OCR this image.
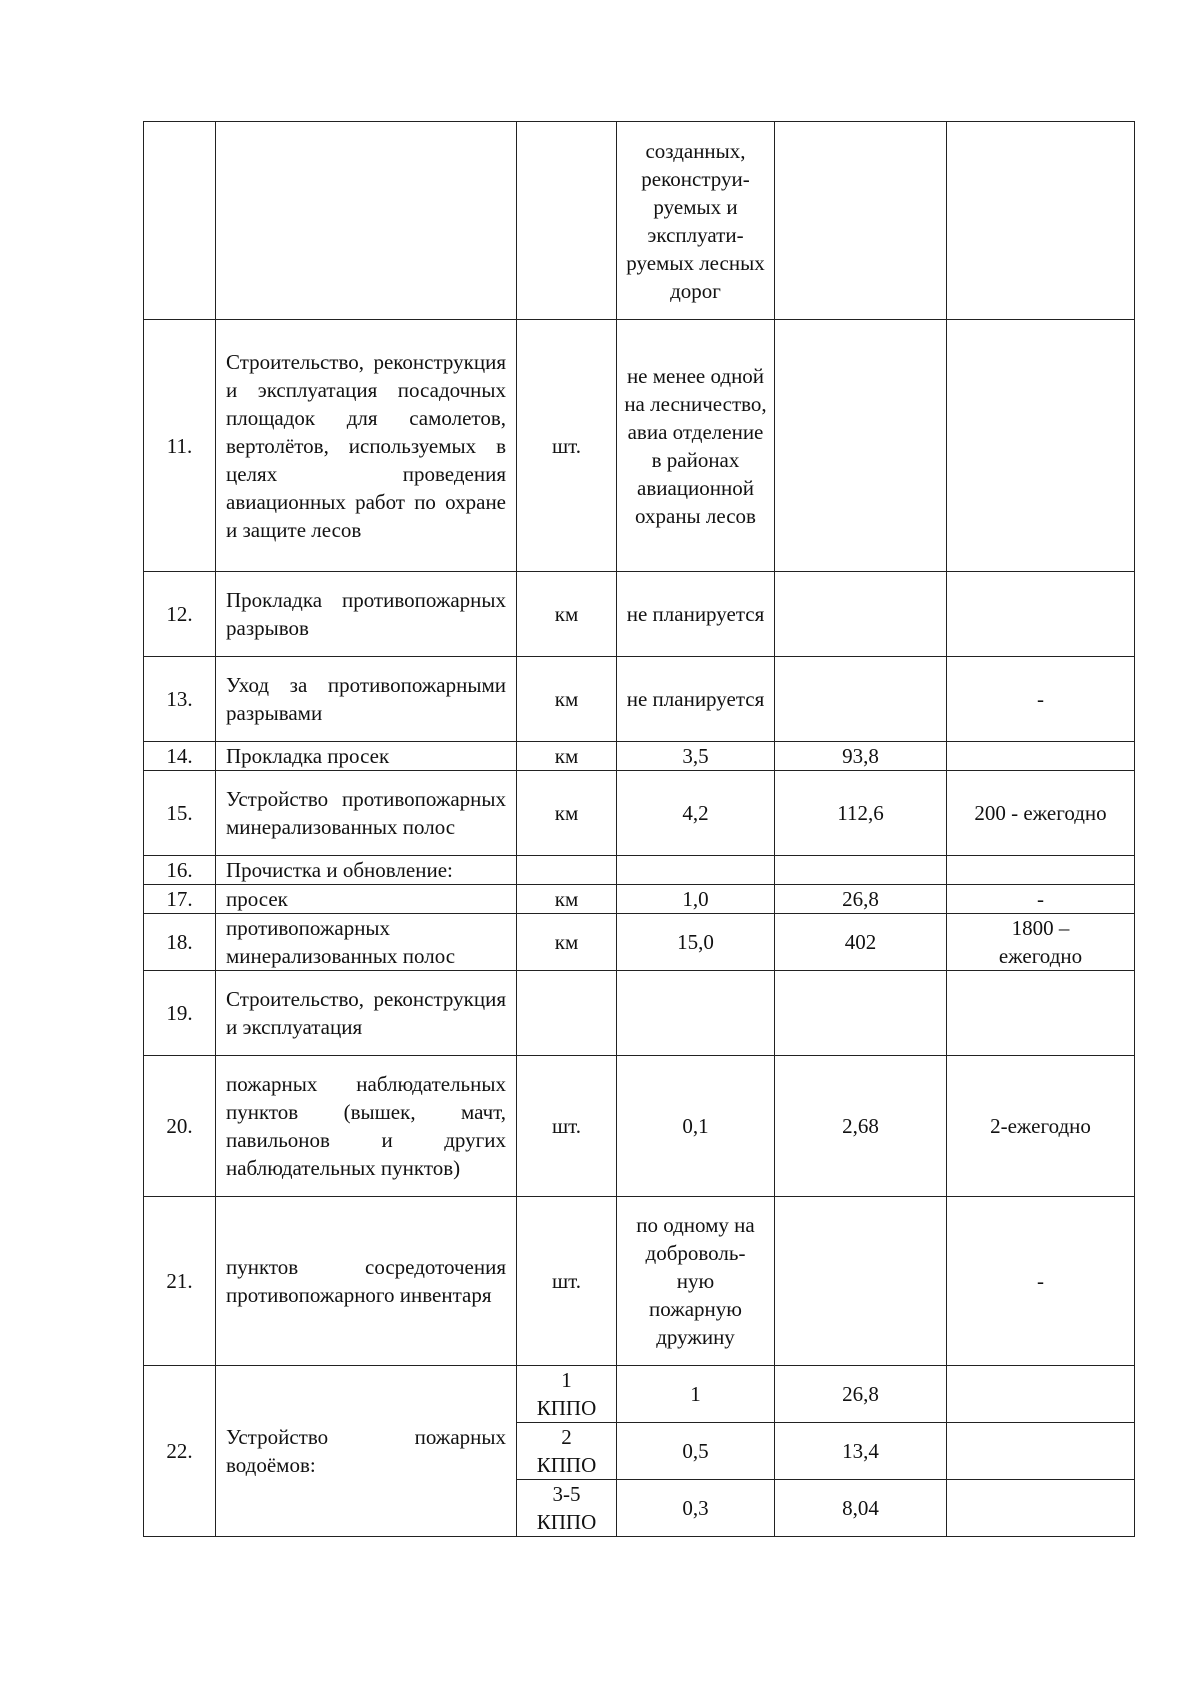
			созданных, реконструи-руемых и эксплуати-руемых лесных дорог		
11.	Строительство, реконструкция и эксплуатация посадочных площадок для самолетов, вертолётов, используемых в целях проведения авиационных работ по охране и защите лесов	шт.	не менее одной на лесничество, авиа отделение в районах авиационной охраны лесов		
12.	Прокладка противопожарных разрывов	км	не планируется		
13.	Уход за противопожарными разрывами	км	не планируется		-
14.	Прокладка просек	км	3,5	93,8	
15.	Устройство противопожарных минерализованных полос	км	4,2	112,6	200 - ежегодно
16.	Прочистка и обновление:				
17.	просек	км	1,0	26,8	-
18.	противопожарных минерализованных полос	км	15,0	402	1800 – ежегодно
19.	Строительство, реконструкция и эксплуатация				
20.	пожарных наблюдательных пунктов (вышек, мачт, павильонов и других наблюдательных пунктов)	шт.	0,1	2,68	2-ежегодно
21.	пунктов сосредоточения противопожарного инвентаря	шт.	по одному на доброволь-ную пожарную дружину		-
22.	Устройство пожарных водоёмов:	1 КППО	1	26,8	
		2 КППО	0,5	13,4	
		3-5 КППО	0,3	8,04	
